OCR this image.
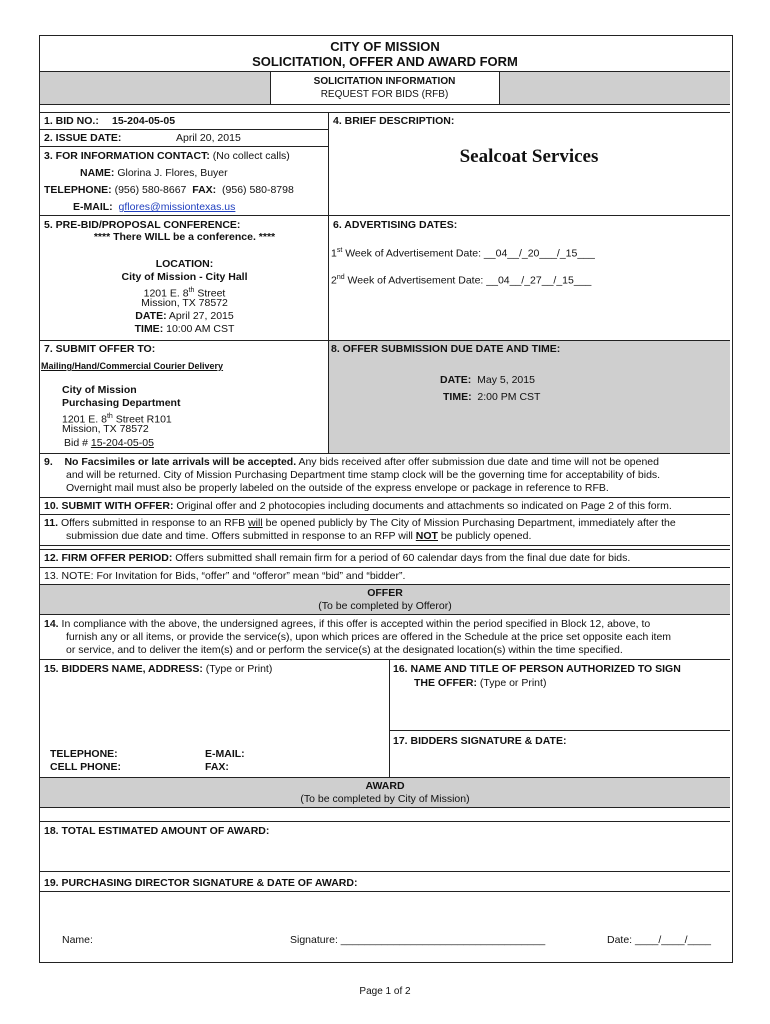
CITY OF MISSION
SOLICITATION, OFFER AND AWARD FORM
SOLICITATION INFORMATION
REQUEST FOR BIDS (RFB)
1. BID NO.: 15-204-05-05
2. ISSUE DATE:	April 20, 2015
3. FOR INFORMATION CONTACT: (No collect calls)
NAME: Glorina J. Flores, Buyer
TELEPHONE: (956) 580-8667 FAX: (956) 580-8798
E-MAIL: gflores@missiontexas.us
4. BRIEF DESCRIPTION:
Sealcoat Services
5. PRE-BID/PROPOSAL CONFERENCE:
**** There WILL be a conference. ****
LOCATION:
City of Mission - City Hall
1201 E. 8th Street
Mission, TX 78572
DATE: April 27, 2015
TIME: 10:00 AM CST
6. ADVERTISING DATES:
1st Week of Advertisement Date: __04__/_20___/_15___
2nd Week of Advertisement Date: __04__/_27__/_15___
7. SUBMIT OFFER TO:
Mailing/Hand/Commercial Courier Delivery
City of Mission
Purchasing Department
1201 E. 8th Street R101
Mission, TX 78572
Bid # 15-204-05-05
8. OFFER SUBMISSION DUE DATE AND TIME:
DATE: May 5, 2015
TIME: 2:00 PM CST
9. No Facsimiles or late arrivals will be accepted. Any bids received after offer submission due date and time will not be opened
and will be returned. City of Mission Purchasing Department time stamp clock will be the governing time for acceptability of bids.
Overnight mail must also be properly labeled on the outside of the express envelope or package in reference to RFB.
10. SUBMIT WITH OFFER: Original offer and 2 photocopies including documents and attachments so indicated on Page 2 of this form.
11. Offers submitted in response to an RFB will be opened publicly by The City of Mission Purchasing Department, immediately after the
submission due date and time. Offers submitted in response to an RFP will NOT be publicly opened.
12. FIRM OFFER PERIOD: Offers submitted shall remain firm for a period of 60 calendar days from the final due date for bids.
13. NOTE: For Invitation for Bids, “offer” and “offeror” mean “bid” and “bidder”.
OFFER
(To be completed by Offeror)
14. In compliance with the above, the undersigned agrees, if this offer is accepted within the period specified in Block 12, above, to
furnish any or all items, or provide the service(s), upon which prices are offered in the Schedule at the price set opposite each item
or service, and to deliver the item(s) and or perform the service(s) at the designated location(s) within the time specified.
15. BIDDERS NAME, ADDRESS: (Type or Print)
TELEPHONE:
CELL PHONE:
E-MAIL:
FAX:
16. NAME AND TITLE OF PERSON AUTHORIZED TO SIGN
THE OFFER: (Type or Print)
17. BIDDERS SIGNATURE & DATE:
AWARD
(To be completed by City of Mission)
18. TOTAL ESTIMATED AMOUNT OF AWARD:
19. PURCHASING DIRECTOR SIGNATURE & DATE OF AWARD:
Name:	Signature: ___________________________________	Date: ____/____/____
Page 1 of 2
